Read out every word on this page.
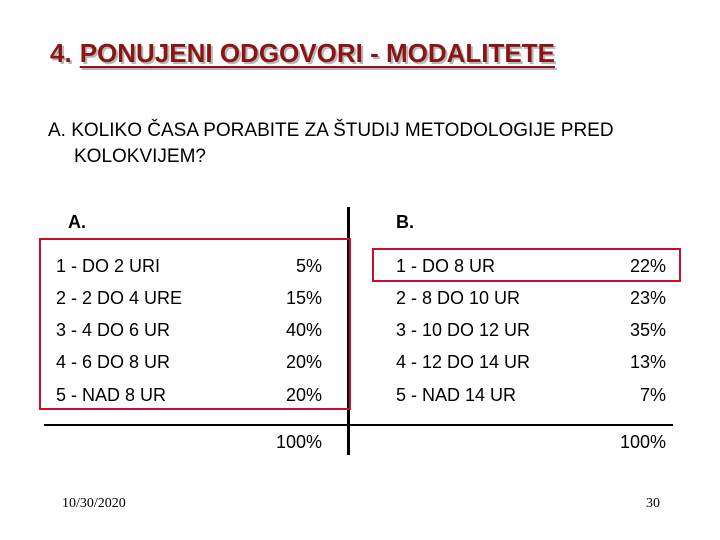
4. PONUJENI ODGOVORI - MODALITETE
A. KOLIKO ČASA PORABITE ZA ŠTUDIJ METODOLOGIJE PRED
KOLOKVIJEM?
A.	B.
1 - DO 2 URI	5%
2 - 2 DO 4 URE	15%
3 - 4 DO 6 UR	40%
4 - 6 DO 8 UR	20%
5 - NAD 8 UR	20%
1 - DO 8 UR	22%
2 - 8 DO 10 UR	23%
3 - 10 DO 12 UR	35%
4 - 12 DO 14 UR	13%
5 - NAD 14 UR	7%
100%	100%
10/30/2020	30
